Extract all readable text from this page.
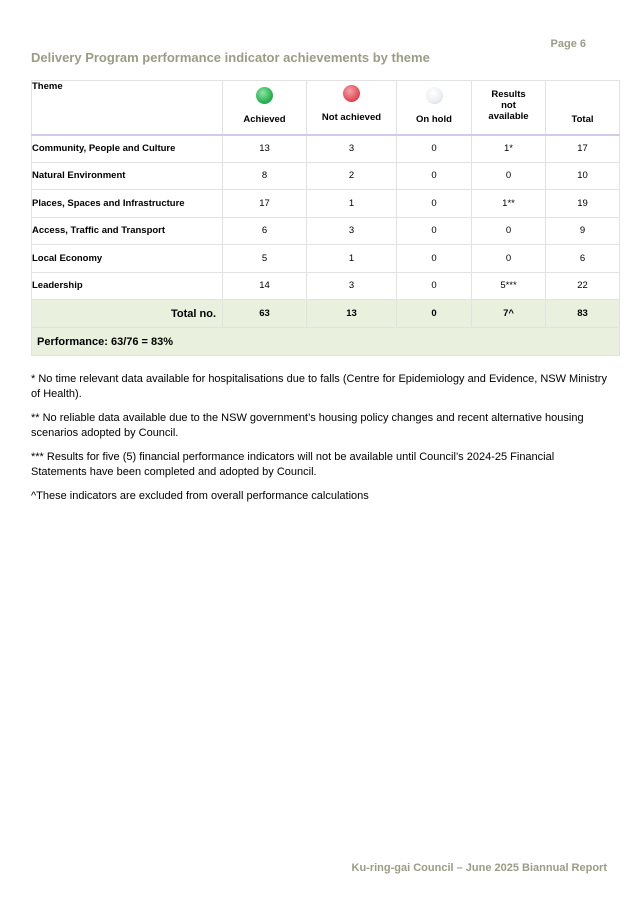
Page 6
Delivery Program performance indicator achievements by theme
Theme	Achieved	Not achieved	On hold	Results not available	Total
Community, People and Culture	13	3	0	1*	17
Natural Environment	8	2	0	0	10
Places, Spaces and Infrastructure	17	1	0	1**	19
Access, Traffic and Transport	6	3	0	0	9
Local Economy	5	1	0	0	6
Leadership	14	3	0	5***	22
Total no.	63	13	0	7^	83
Performance: 63/76 = 83%					

* No time relevant data available for hospitalisations due to falls (Centre for Epidemiology and Evidence, NSW Ministry of Health).

** No reliable data available due to the NSW government’s housing policy changes and recent alternative housing scenarios adopted by Council.

*** Results for five (5) financial performance indicators will not be available until Council’s 2024-25 Financial Statements have been completed and adopted by Council.

^These indicators are excluded from overall performance calculations

Ku-ring-gai Council – June 2025 Biannual Report
